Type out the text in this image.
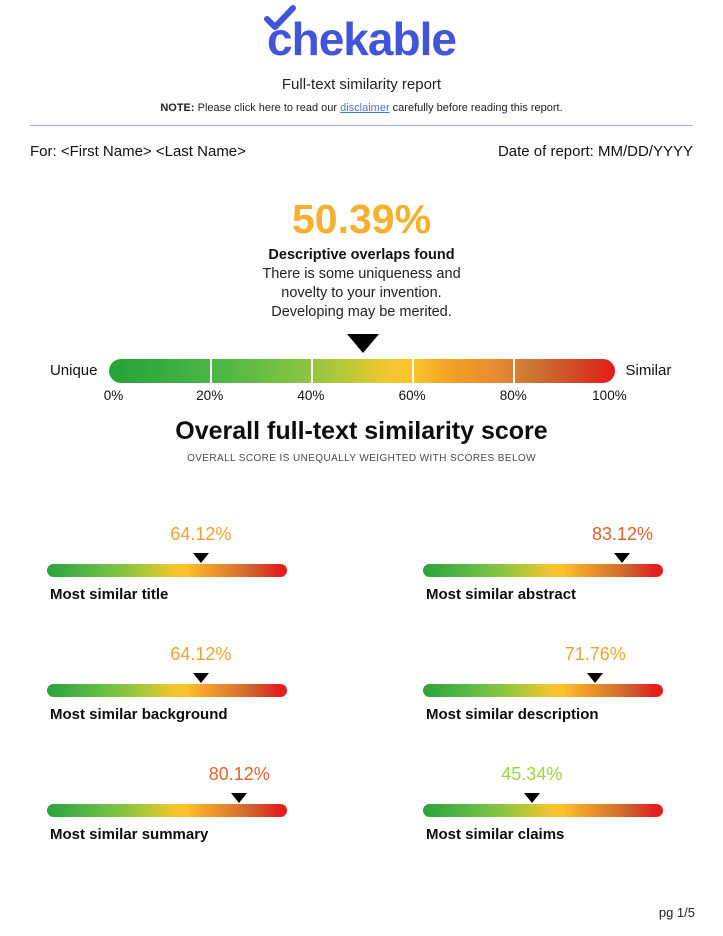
chekable
Full-text similarity report
NOTE: Please click here to read our disclaimer carefully before reading this report.
For: <First Name> <Last Name>	Date of report: MM/DD/YYYY
50.39%
Descriptive overlaps found
There is some uniqueness and
novelty to your invention.
Developing may be merited.
Unique	Similar
0%	20%	40%	60%	80%	100%
Overall full-text similarity score
OVERALL SCORE IS UNEQUALLY WEIGHTED WITH SCORES BELOW
64.12%
Most similar title
83.12%
Most similar abstract
64.12%
Most similar background
71.76%
Most similar description
80.12%
Most similar summary
45.34%
Most similar claims
pg 1/5
